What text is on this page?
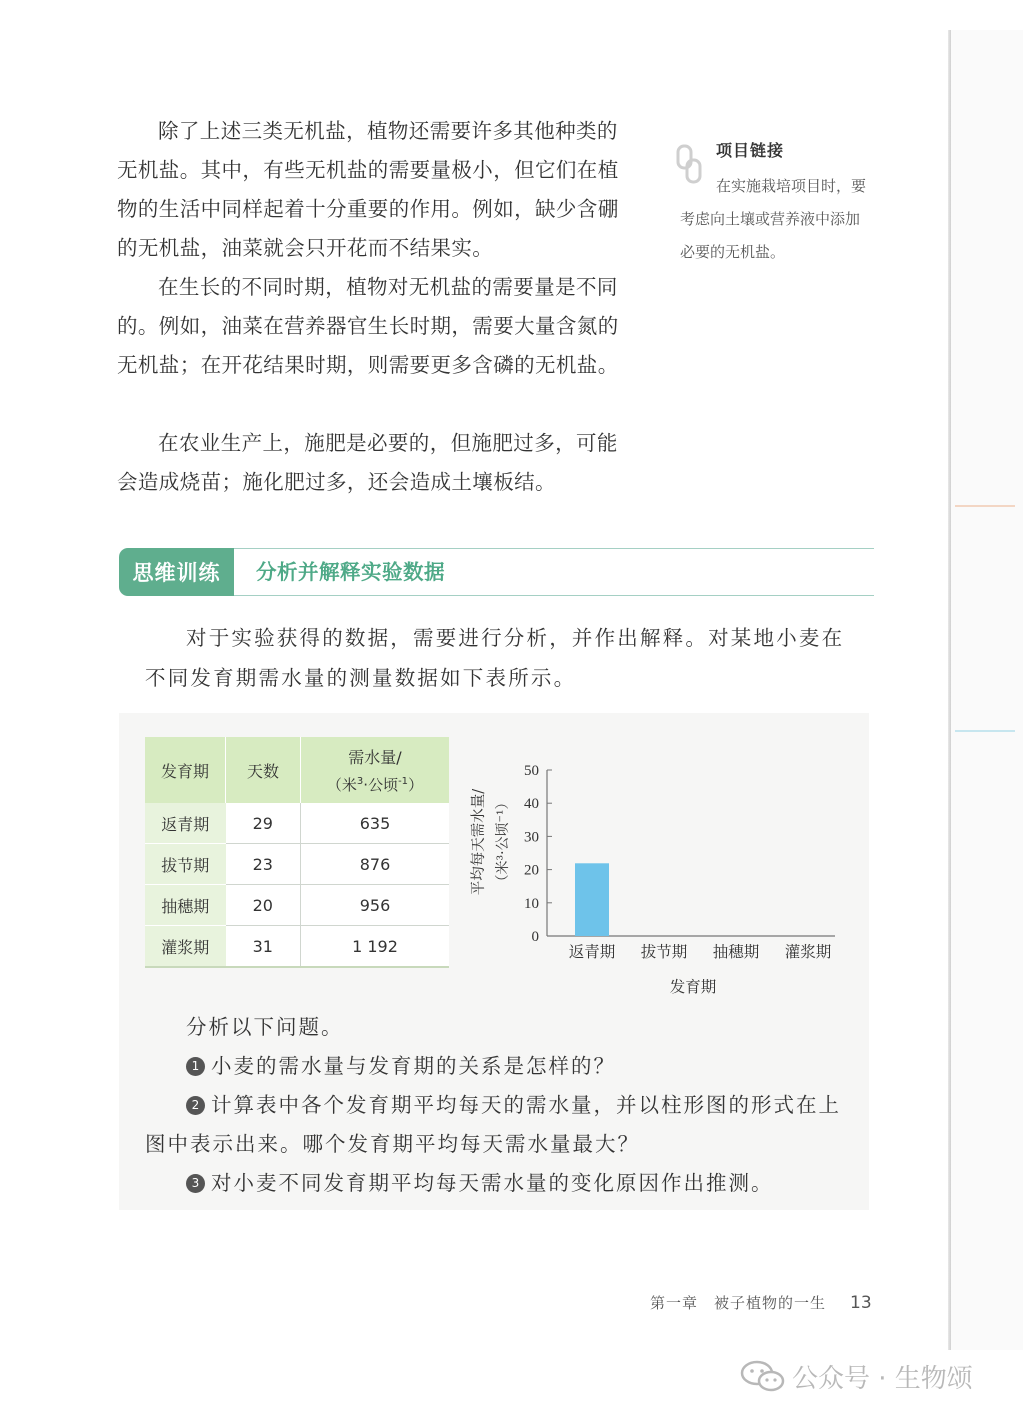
除了上述三类无机盐，植物还需要许多其他种类的无机盐。其中，有些无机盐的需要量极小，但它们在植物的生活中同样起着十分重要的作用。例如，缺少含硼的无机盐，油菜就会只开花而不结果实。

在生长的不同时期，植物对无机盐的需要量是不同的。例如，油菜在营养器官生长时期，需要大量含氮的无机盐；在开花结果时期，则需要更多含磷的无机盐。

在农业生产上，施肥是必要的，但施肥过多，可能会造成烧苗；施化肥过多，还会造成土壤板结。

项目链接

在实施栽培项目时，要考虑向土壤或营养液中添加必要的无机盐。

思维训练	分析并解释实验数据

对于实验获得的数据，需要进行分析，并作出解释。对某地小麦在不同发育期需水量的测量数据如下表所示。

发育期	天数	需水量/
（米$^3$·公顷$^{-1}$）

返青期	29	635
拔节期	23	876
抽穗期	20	956
灌浆期	31	1 192	0
10
20
30
40
50
返青期 拔节期 抽穗期 灌浆期
发育期
平均每天需水量/ （米³·公顷⁻¹）

分析以下问题。

1 小麦的需水量与发育期的关系是怎样的？

2 计算表中各个发育期平均每天的需水量，并以柱形图的形式在上图中表示出来。哪个发育期平均每天需水量最大？

3 对小麦不同发育期平均每天需水量的变化原因作出推测。

第一章　被子植物的一生 13
公众号 · 生物颂
